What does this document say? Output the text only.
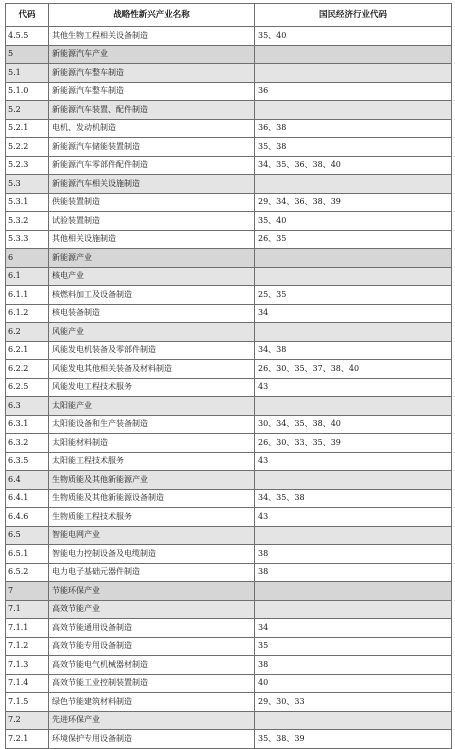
代码	战略性新兴产业名称	国民经济行业代码
4.5.5	其他生物工程相关设备制造	35、40
5	新能源汽车产业	
5.1	新能源汽车整车制造	
5.1.0	新能源汽车整车制造	36
5.2	新能源汽车装置、配件制造	
5.2.1	电机、发动机制造	36、38
5.2.2	新能源汽车储能装置制造	35、38
5.2.3	新能源汽车零部件配件制造	34、35、36、38、40
5.3	新能源汽车相关设施制造	
5.3.1	供能装置制造	29、34、36、38、39
5.3.2	试验装置制造	35、40
5.3.3	其他相关设施制造	26、35
6	新能源产业	
6.1	核电产业	
6.1.1	核燃料加工及设备制造	25、35
6.1.2	核电装备制造	34
6.2	风能产业	
6.2.1	风能发电机装备及零部件制造	34、38
6.2.2	风能发电其他相关装备及材料制造	26、30、35、37、38、40
6.2.5	风能发电工程技术服务	43
6.3	太阳能产业	
6.3.1	太阳能设备和生产装备制造	30、34、35、38、40
6.3.2	太阳能材料制造	26、30、33、35、39
6.3.5	太阳能工程技术服务	43
6.4	生物质能及其他新能源产业	
6.4.1	生物质能及其他新能源设备制造	34、35、38
6.4.6	生物质能工程技术服务	43
6.5	智能电网产业	
6.5.1	智能电力控制设备及电缆制造	38
6.5.2	电力电子基础元器件制造	38
7	节能环保产业	
7.1	高效节能产业	
7.1.1	高效节能通用设备制造	34
7.1.2	高效节能专用设备制造	35
7.1.3	高效节能电气机械器材制造	38
7.1.4	高效节能工业控制装置制造	40
7.1.5	绿色节能建筑材料制造	29、30、33
7.2	先进环保产业	
7.2.1	环境保护专用设备制造	35、38、39
